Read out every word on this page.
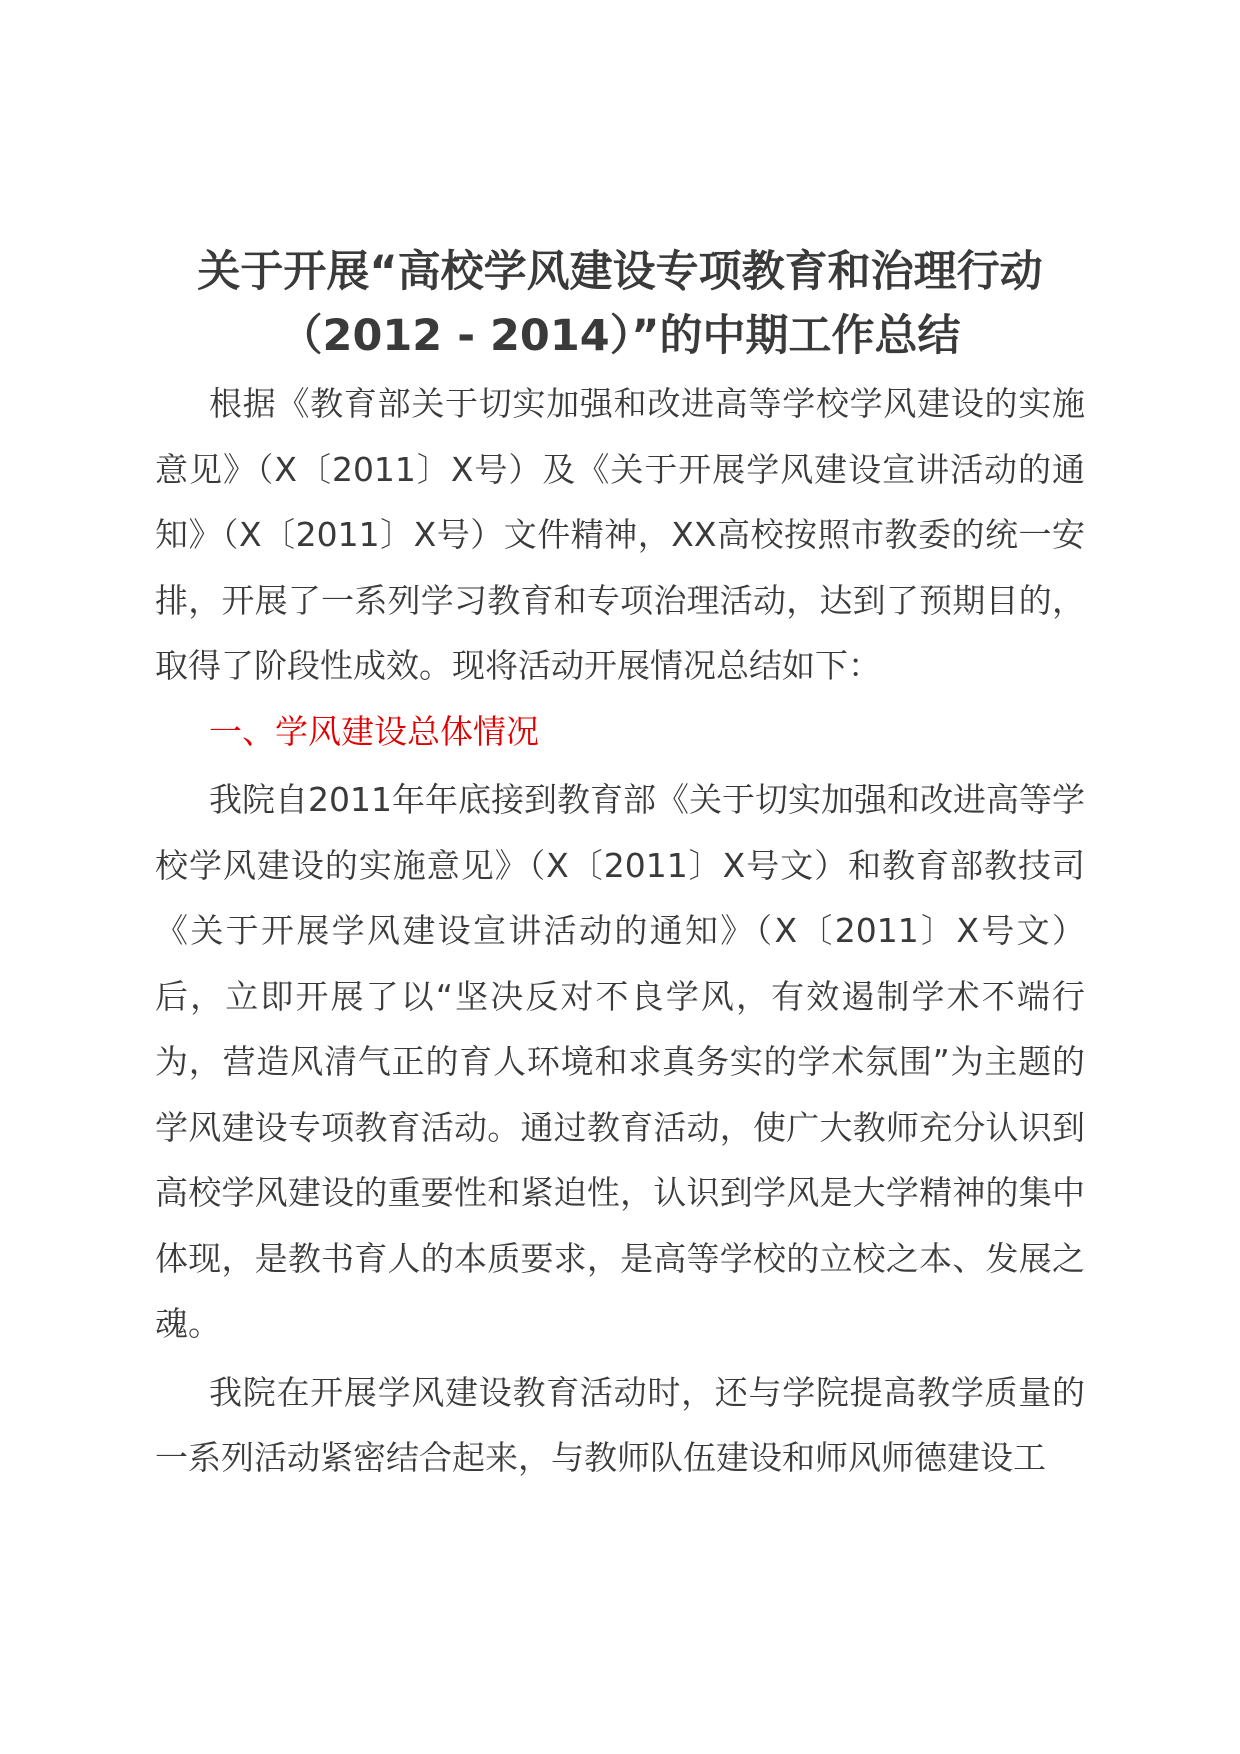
关于开展“高校学风建设专项教育和治理行动
（2012 - 2014）”的中期工作总结

根据《教育部关于切实加强和改进高等学校学风建设的实施意见》（X〔2011〕X号）及《关于开展学风建设宣讲活动的通知》（X〔2011〕X号）文件精神，XX高校按照市教委的统一安排，开展了一系列学习教育和专项治理活动，达到了预期目的，取得了阶段性成效。现将活动开展情况总结如下：

一、学风建设总体情况

我院自2011年年底接到教育部《关于切实加强和改进高等学校学风建设的实施意见》（X〔2011〕X号文）和教育部教技司《关于开展学风建设宣讲活动的通知》（X〔2011〕X号文）后，立即开展了以“坚决反对不良学风，有效遏制学术不端行为，营造风清气正的育人环境和求真务实的学术氛围”为主题的学风建设专项教育活动。通过教育活动，使广大教师充分认识到高校学风建设的重要性和紧迫性，认识到学风是大学精神的集中体现，是教书育人的本质要求，是高等学校的立校之本、发展之魂。

我院在开展学风建设教育活动时，还与学院提高教学质量的一系列活动紧密结合起来，与教师队伍建设和师风师德建设工
